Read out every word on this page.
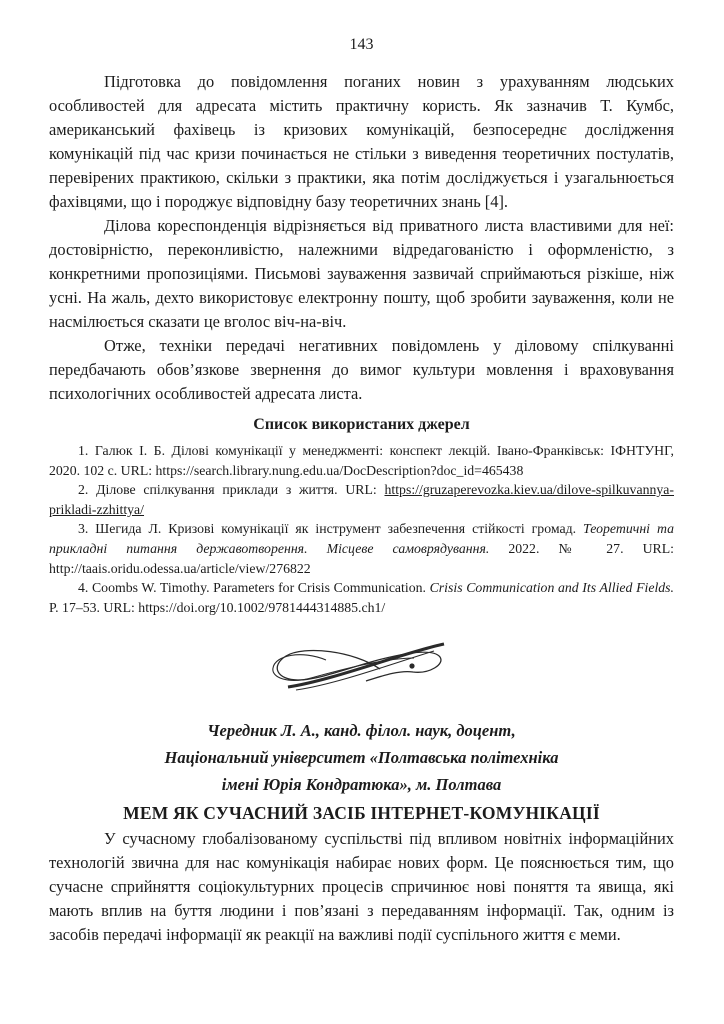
143

Підготовка до повідомлення поганих новин з урахуванням людських особливостей для адресата містить практичну користь. Як зазначив Т. Кумбс, американський фахівець із кризових комунікацій, безпосереднє дослідження комунікацій під час кризи починається не стільки з виведення теоретичних постулатів, перевірених практикою, скільки з практики, яка потім досліджується і узагальнюється фахівцями, що і породжує відповідну базу теоретичних знань [4].

Ділова кореспонденція відрізняється від приватного листа властивими для неї: достовірністю, переконливістю, належними відредагованістю і оформленістю, з конкретними пропозиціями. Письмові зауваження зазвичай сприймаються різкіше, ніж усні. На жаль, дехто використовує електронну пошту, щоб зробити зауваження, коли не насмілюється сказати це вголос віч-на-віч.

Отже, техніки передачі негативних повідомлень у діловому спілкуванні передбачають обов’язкове звернення до вимог культури мовлення і враховування психологічних особливостей адресата листа.

Список використаних джерел

1. Галюк І. Б. Ділові комунікації у менеджменті: конспект лекцій. Івано-Франківськ: ІФНТУНГ, 2020. 102 с. URL: https://search.library.nung.edu.ua/DocDescription?doc_id=465438

2. Ділове спілкування приклади з життя. URL: https://gruzaperevozka.kiev.ua/dilove-spilkuvannya-prikladi-zzhittya/

3. Шегида Л. Кризові комунікації як інструмент забезпечення стійкості громад. Теоретичні та прикладні питання державотворення. Місцеве самоврядування. 2022. № 27. URL: http://taais.oridu.odessa.ua/article/view/276822

4. Coombs W. Timothy. Parameters for Crisis Communication. Crisis Communication and Its Allied Fields. P. 17–53. URL: https://doi.org/10.1002/9781444314885.ch1/

Чередник Л. А., канд. філол. наук, доцент,
Національний університет «Полтавська політехніка
імені Юрія Кондратюка», м. Полтава
МЕМ ЯК СУЧАСНИЙ ЗАСІБ ІНТЕРНЕТ-КОМУНІКАЦІЇ

У сучасному глобалізованому суспільстві під впливом новітніх інформаційних технологій звична для нас комунікація набирає нових форм. Це пояснюється тим, що сучасне сприйняття соціокультурних процесів спричинює нові поняття та явища, які мають вплив на буття людини і пов’язані з передаванням інформації. Так, одним із засобів передачі інформації як реакції на важливі події суспільного життя є меми.
